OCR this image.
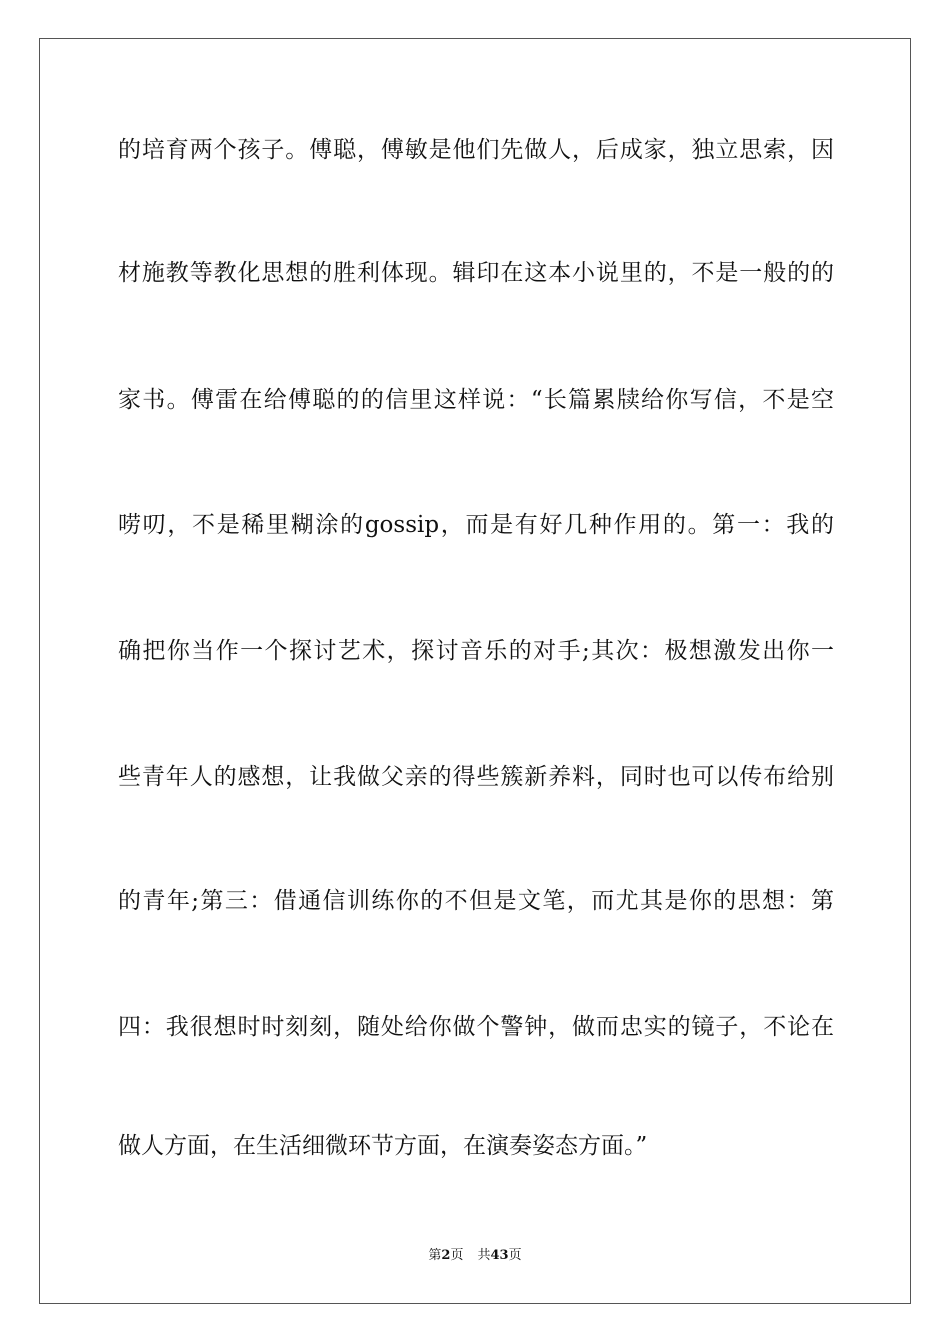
的培育两个孩子。傅聪，傅敏是他们先做人，后成家，独立思索，因

材施教等教化思想的胜利体现。辑印在这本小说里的，不是一般的的

家书。傅雷在给傅聪的的信里这样说：“长篇累牍给你写信，不是空

唠叨，不是稀里糊涂的gossip，而是有好几种作用的。第一：我的

确把你当作一个探讨艺术，探讨音乐的对手;其次：极想激发出你一

些青年人的感想，让我做父亲的得些簇新养料，同时也可以传布给别

的青年;第三：借通信训练你的不但是文笔，而尤其是你的思想：第

四：我很想时时刻刻，随处给你做个警钟，做而忠实的镜子，不论在

做人方面，在生活细微环节方面，在演奏姿态方面。”

第2页 共43页
